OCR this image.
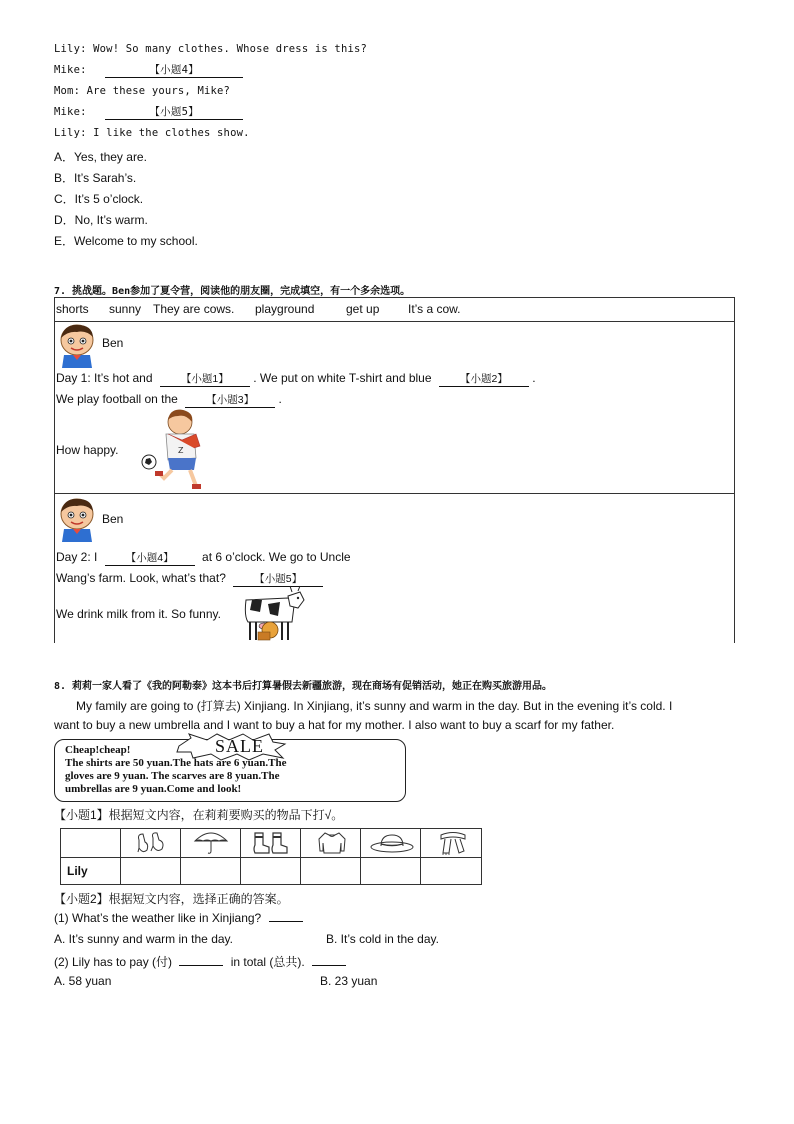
Lily: Wow! So many clothes. Whose dress is this?
Mike:	【小题4】
Mom: Are these yours, Mike?
Mike:	【小题5】
Lily: I like the clothes show.
A．Yes, they are.
B．It’s Sarah’s.
C．It’s 5 o’clock.
D．No, It’s warm.
E．Welcome to my school.
7. 挑战题。Ben参加了夏令营，阅读他的朋友圈，完成填空，有一个多余选项。
shorts sunny They are cows. playground	get up It’s a cow.
Ben
Day 1: It’s hot and	【小题1】 . We put on white T-shirt and blue	【小题2】 .
We play football on the	【小题3】 .
How happy.	Z
Ben
Day 2: I	【小题4】 at 6 o’clock. We go to Uncle
Wang’s farm. Look, what’s that?	【小题5】
We drink milk from it. So funny.
8. 莉莉一家人看了《我的阿勒泰》这本书后打算暑假去新疆旅游，现在商场有促销活动，她正在购买旅游用品。
My family are going to (打算去) Xinjiang. In Xinjiang, it’s sunny and warm in the day. But in the evening it’s cold. I
want to buy a new umbrella and I want to buy a hat for my mother. I also want to buy a scarf for my father.
SALE
Cheap!cheap!
The shirts are 50 yuan.The hats are 6 yuan.The
gloves are 9 yuan. The scarves are 8 yuan.The
umbrellas are 9 yuan.Come and look!
【小题1】根据短文内容，在莉莉要购买的物品下打√。
Lily
【小题2】根据短文内容，选择正确的答案。
(1) What’s the weather like in Xinjiang?
A. It’s sunny and warm in the day.	B. It’s cold in the day.
(2) Lily has to pay (付)	in total (总共).
A. 58 yuan	B. 23 yuan
